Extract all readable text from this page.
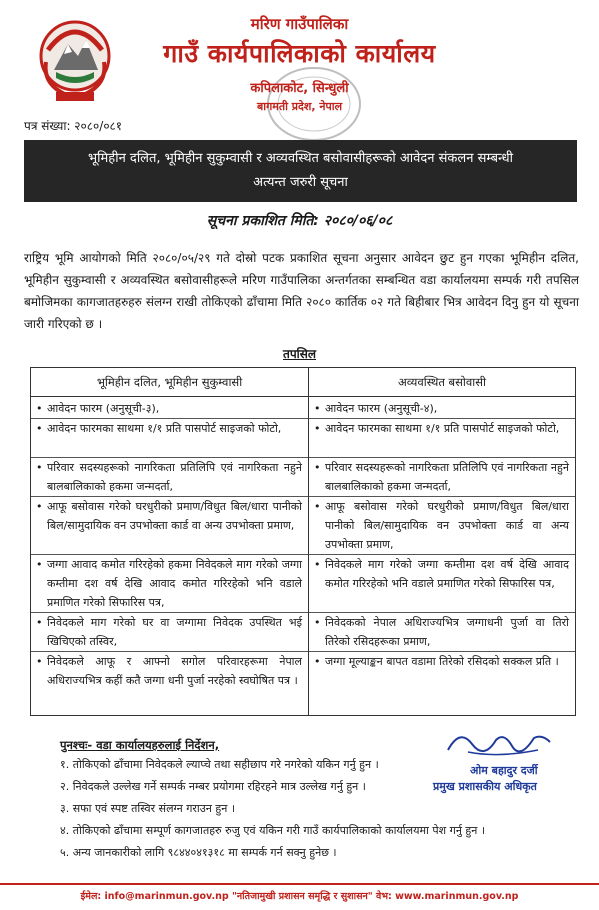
मरिण गाउँपालिका
गाउँ कार्यपालिकाको कार्यालय
कपिलाकोट, सिन्धुली
बागमती प्रदेश, नेपाल
पत्र संख्या: २०८०/०८१
भूमिहीन दलित, भूमिहीन सुकुम्वासी र अव्यवस्थित बसोवासीहरूको आवेदन संकलन सम्बन्धी
अत्यन्त जरुरी सूचना
सूचना प्रकाशित मिति: २०८०/०६/०८
राष्ट्रिय भूमि आयोगको मिति २०८०/०५/२९ गते दोस्रो पटक प्रकाशित सूचना अनुसार आवेदन छुट हुन गएका भूमिहीन दलित, भूमिहीन सुकुम्वासी र अव्यवस्थित बसोवासीहरूले मरिण गाउँपालिका अन्तर्गतका सम्बन्धित वडा कार्यालयमा सम्पर्क गरी तपसिल बमोजिमका कागजातहरुहरु संलग्न राखी तोकिएको ढाँचामा मिति २०८० कार्तिक ०२ गते बिहीबार भित्र आवेदन दिनु हुन यो सूचना जारी गरिएको छ ।
तपसिल
भूमिहीन दलित, भूमिहीन सुकुम्वासी	अव्यवस्थित बसोवासी
• आवेदन फारम (अनुसूची-३),
• आवेदन फारमका साथमा १/१ प्रति पासपोर्ट साइजको फोटो,
• परिवार सदस्यहरूको नागरिकता प्रतिलिपि एवं नागरिकता नहुने बालबालिकाको हकमा जन्मदर्ता,
• आफू बसोवास गरेको घरधुरीको प्रमाण/विधुत बिल/धारा पानीको बिल/सामुदायिक वन उपभोक्ता कार्ड वा अन्य उपभोक्ता प्रमाण,
• जग्गा आवाद कमोत गरिरहेको हकमा निवेदकले माग गरेको जग्गा कम्तीमा दश वर्ष देखि आवाद कमोत गरिरहेको भनि वडाले प्रमाणित गरेको सिफारिस पत्र,
• निवेदकले माग गरेको घर वा जग्गामा निवेदक उपस्थित भई खिचिएको तस्विर,
• निवेदकले आफू र आफ्नो सगोल परिवारहरूमा नेपाल अधिराज्यभित्र कहीं कतै जग्गा धनी पुर्जा नरहेको स्वघोषित पत्र ।
• आवेदन फारम (अनुसूची-४),
• आवेदन फारमका साथमा १/१ प्रति पासपोर्ट साइजको फोटो,
• परिवार सदस्यहरूको नागरिकता प्रतिलिपि एवं नागरिकता नहुने बालबालिकाको हकमा जन्मदर्ता,
• आफू बसोवास गरेको घरधुरीको प्रमाण/विधुत बिल/धारा पानीको बिल/सामुदायिक वन उपभोक्ता कार्ड वा अन्य उपभोक्ता प्रमाण,
• निवेदकले माग गरेको जग्गा कम्तीमा दश वर्ष देखि आवाद कमोत गरिरहेको भनि वडाले प्रमाणित गरेको सिफारिस पत्र,
• निवेदकको नेपाल अधिराज्यभित्र जग्गाधनी पुर्जा वा तिरो तिरेको रसिदहरूका प्रमाण,
• जग्गा मूल्याङ्कन बापत वडामा तिरेको रसिदको सक्कल प्रति ।
पुनश्चः- वडा कार्यालयहरुलाई निर्देशन,
१. तोकिएको ढाँचामा निवेदकले ल्याप्चे तथा सहीछाप गरे नगरेको यकिन गर्नु हुन ।
२. निवेदकले उल्लेख गर्ने सम्पर्क नम्बर प्रयोगमा रहिरहने मात्र उल्लेख गर्नु हुन ।
३. सफा एवं स्पष्ट तस्विर संलग्न गराउन हुन ।
४. तोकिएको ढाँचामा सम्पूर्ण कागजातहरु रुजु एवं यकिन गरी गाउँ कार्यपालिकाको कार्यालयमा पेश गर्नु हुन ।
५. अन्य जानकारीको लागि ९८४४०४१३१८ मा सम्पर्क गर्न सक्नु हुनेछ ।
ओम बहादुर दर्जी
प्रमुख प्रशासकीय अधिकृत
ईमेल: info@marinmun.gov.np "नतिजामुखी प्रशासन समृद्धि र सुशासन" वेभ: www.marinmun.gov.np
